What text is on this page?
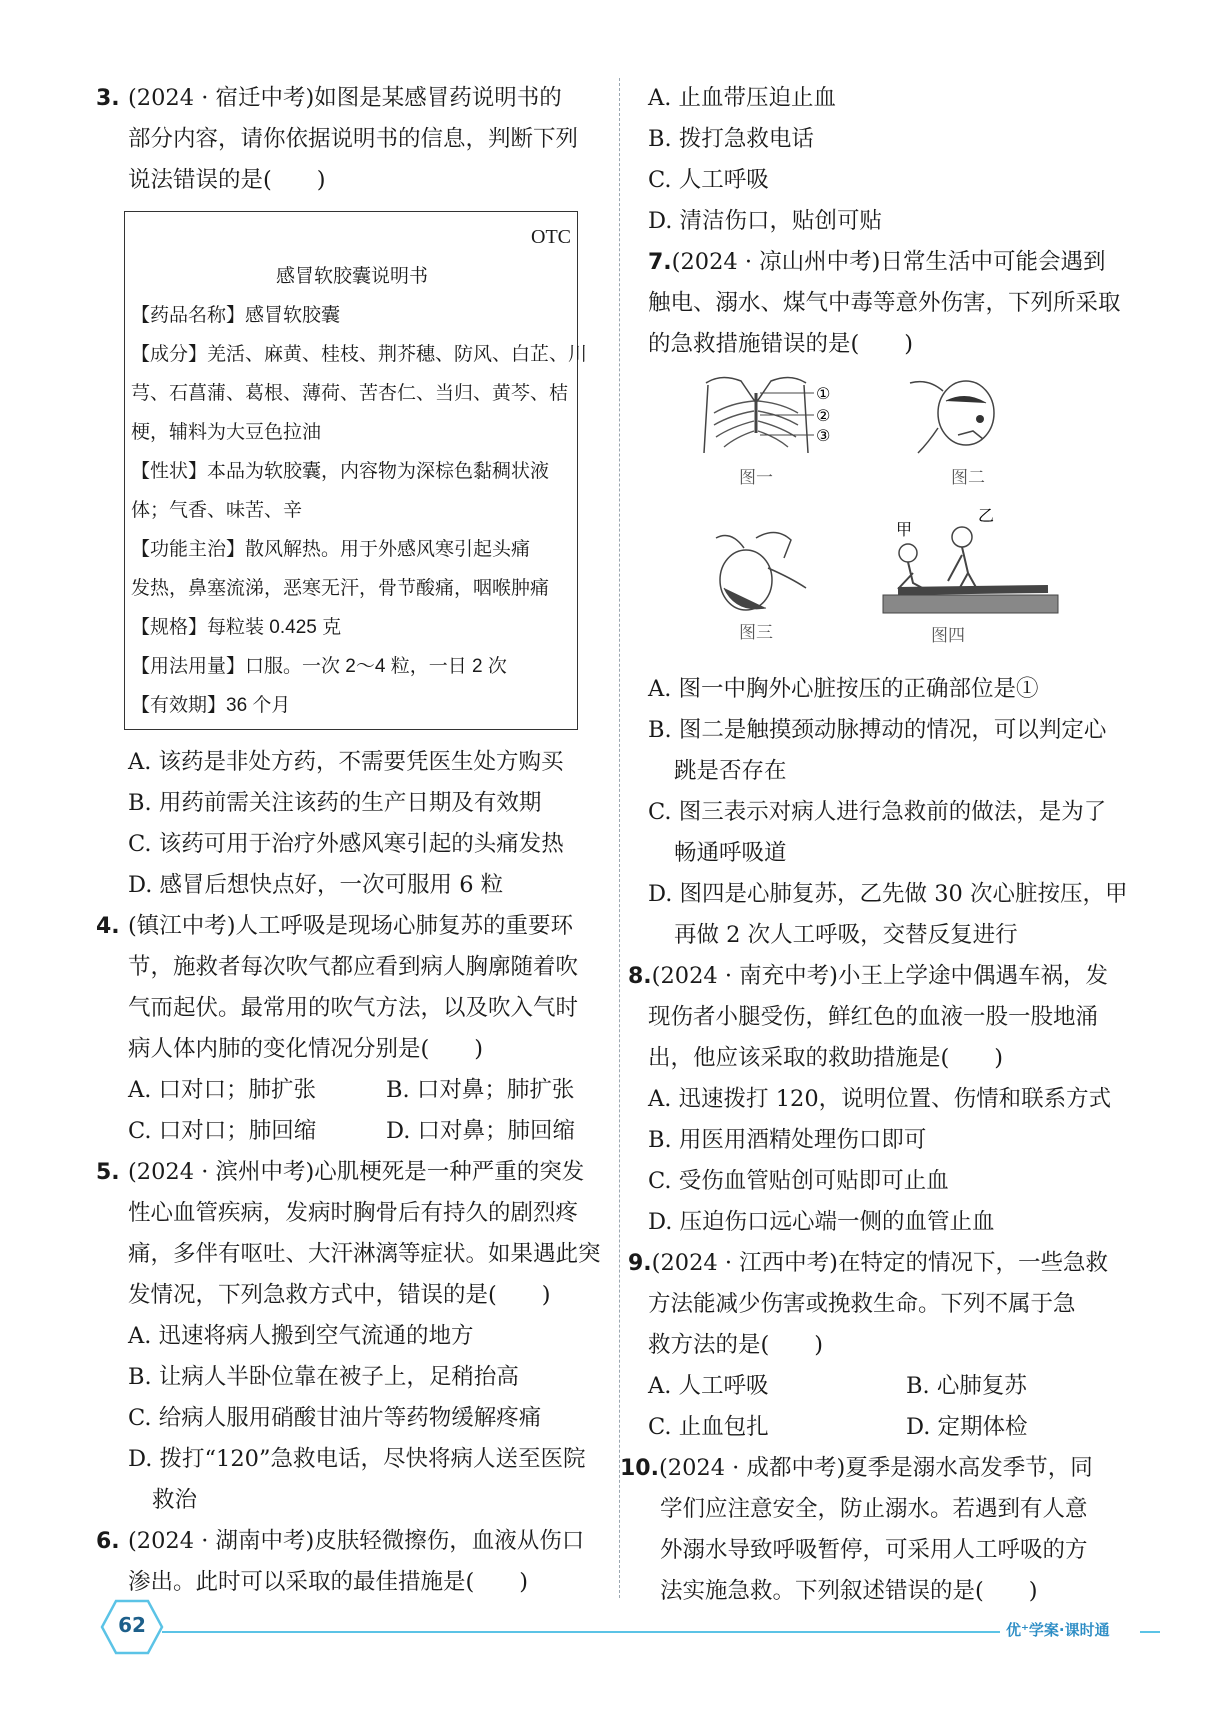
3. (2024 · 宿迁中考)如图是某感冒药说明书的
部分内容，请你依据说明书的信息，判断下列
说法错误的是(　　)
OTC
感冒软胶囊说明书
【药品名称】感冒软胶囊
【成分】羌活、麻黄、桂枝、荆芥穗、防风、白芷、川
芎、石菖蒲、葛根、薄荷、苦杏仁、当归、黄芩、桔
梗，辅料为大豆色拉油
【性状】本品为软胶囊，内容物为深棕色黏稠状液
体；气香、味苦、辛
【功能主治】散风解热。用于外感风寒引起头痛
发热，鼻塞流涕，恶寒无汗，骨节酸痛，咽喉肿痛
【规格】每粒装 0.425 克
【用法用量】口服。一次 2～4 粒，一日 2 次
【有效期】36 个月
A. 该药是非处方药，不需要凭医生处方购买
B. 用药前需关注该药的生产日期及有效期
C. 该药可用于治疗外感风寒引起的头痛发热
D. 感冒后想快点好，一次可服用 6 粒
4. (镇江中考)人工呼吸是现场心肺复苏的重要环
节，施救者每次吹气都应看到病人胸廓随着吹
气而起伏。最常用的吹气方法，以及吹入气时
病人体内肺的变化情况分别是(　　)
A. 口对口；肺扩张	B. 口对鼻；肺扩张
C. 口对口；肺回缩	D. 口对鼻；肺回缩
5. (2024 · 滨州中考)心肌梗死是一种严重的突发
性心血管疾病，发病时胸骨后有持久的剧烈疼
痛，多伴有呕吐、大汗淋漓等症状。如果遇此突
发情况，下列急救方式中，错误的是(　　)
A. 迅速将病人搬到空气流通的地方
B. 让病人半卧位靠在被子上，足稍抬高
C. 给病人服用硝酸甘油片等药物缓解疼痛
D. 拨打“120”急救电话，尽快将病人送至医院
救治
6. (2024 · 湖南中考)皮肤轻微擦伤，血液从伤口
渗出。此时可以采取的最佳措施是(　　)
A. 止血带压迫止血
B. 拨打急救电话
C. 人工呼吸
D. 清洁伤口，贴创可贴
7.(2024 · 凉山州中考)日常生活中可能会遇到
触电、溺水、煤气中毒等意外伤害，下列所采取
的急救措施错误的是(　　)
①
②
③
图一	图二
图三
甲
乙
图四
A. 图一中胸外心脏按压的正确部位是①
B. 图二是触摸颈动脉搏动的情况，可以判定心
跳是否存在
C. 图三表示对病人进行急救前的做法，是为了
畅通呼吸道
D. 图四是心肺复苏，乙先做 30 次心脏按压，甲
再做 2 次人工呼吸，交替反复进行
8.(2024 · 南充中考)小王上学途中偶遇车祸，发
现伤者小腿受伤，鲜红色的血液一股一股地涌
出，他应该采取的救助措施是(　　)
A. 迅速拨打 120，说明位置、伤情和联系方式
B. 用医用酒精处理伤口即可
C. 受伤血管贴创可贴即可止血
D. 压迫伤口远心端一侧的血管止血
9.(2024 · 江西中考)在特定的情况下，一些急救
方法能减少伤害或挽救生命。下列不属于急
救方法的是(　　)
A. 人工呼吸	B. 心肺复苏
C. 止血包扎	D. 定期体检
10.(2024 · 成都中考)夏季是溺水高发季节，同
学们应注意安全，防止溺水。若遇到有人意
外溺水导致呼吸暂停，可采用人工呼吸的方
法实施急救。下列叙述错误的是(　　)
62	优⁺学案·课时通
